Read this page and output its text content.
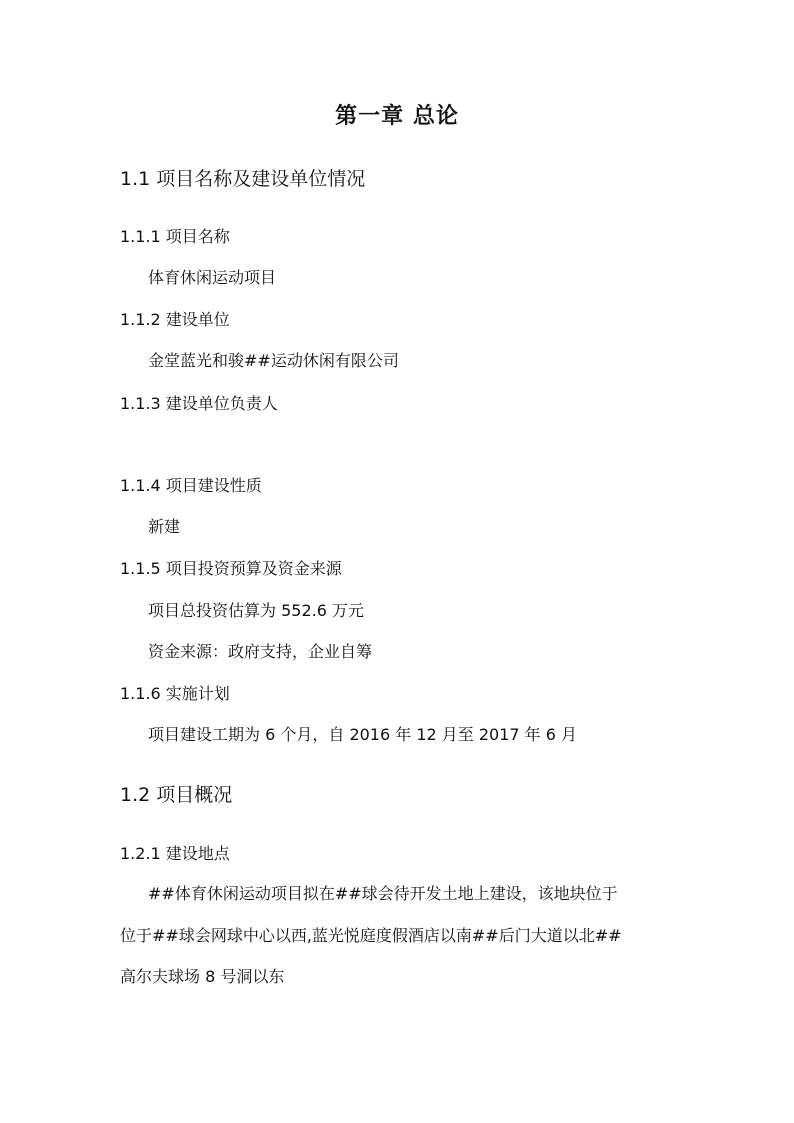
第一章 总论
1.1 项目名称及建设单位情况
1.1.1 项目名称
体育休闲运动项目
1.1.2 建设单位
金堂蓝光和骏##运动休闲有限公司
1.1.3 建设单位负责人
1.1.4 项目建设性质
新建
1.1.5 项目投资预算及资金来源
项目总投资估算为 552.6 万元
资金来源：政府支持，企业自筹
1.1.6 实施计划
项目建设工期为 6 个月，自 2016 年 12 月至 2017 年 6 月
1.2 项目概况
1.2.1 建设地点
##体育休闲运动项目拟在##球会待开发土地上建设，该地块位于
位于##球会网球中心以西,蓝光悦庭度假酒店以南##后门大道以北##
高尔夫球场 8 号洞以东
